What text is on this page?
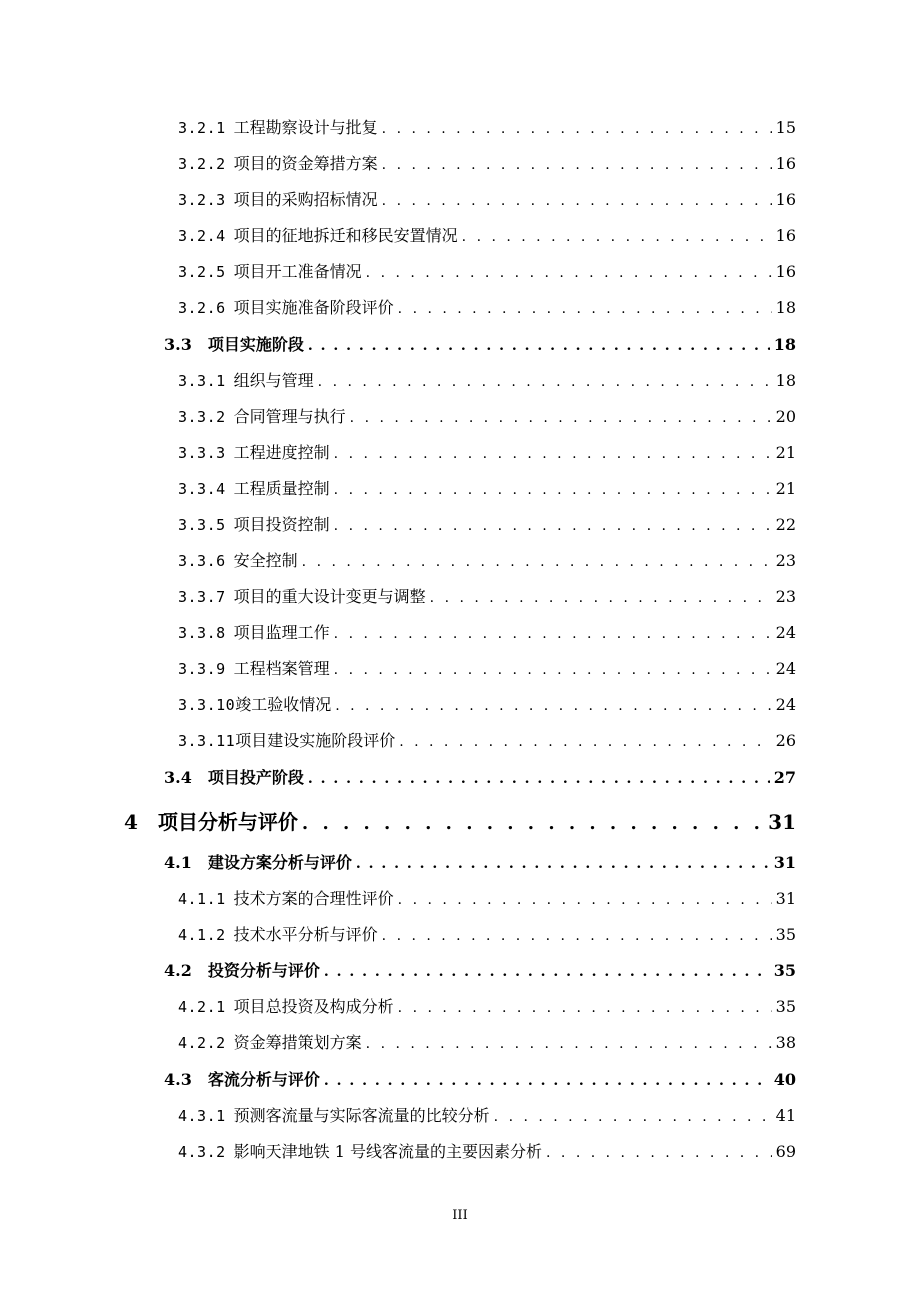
3.2.1 工程勘察设计与批复 . . .	15
3.2.2 项目的资金筹措方案 . . .	16
3.2.3 项目的采购招标情况 . . .	16
3.2.4 项目的征地拆迁和移民安置情况 . . .	16
3.2.5 项目开工准备情况 . . .	16
3.2.6 项目实施准备阶段评价 . . .	18
3.3 项目实施阶段 . . .	18
3.3.1 组织与管理 . . .	18
3.3.2 合同管理与执行 . . .	20
3.3.3 工程进度控制 . . .	21
3.3.4 工程质量控制 . . .	21
3.3.5 项目投资控制 . . .	22
3.3.6 安全控制 . . .	23
3.3.7 项目的重大设计变更与调整 . . .	23
3.3.8 项目监理工作 . . .	24
3.3.9 工程档案管理 . . .	24
3.3.10 竣工验收情况 . . .	24
3.3.11 项目建设实施阶段评价 . . .	26
3.4 项目投产阶段 . . .	27
4 项目分析与评价 . . .	31
4.1 建设方案分析与评价 . . .	31
4.1.1 技术方案的合理性评价 . . .	31
4.1.2 技术水平分析与评价 . . .	35
4.2 投资分析与评价 . . .	35
4.2.1 项目总投资及构成分析 . . .	35
4.2.2 资金筹措策划方案 . . .	38
4.3 客流分析与评价 . . .	40
4.3.1 预测客流量与实际客流量的比较分析 . . .	41
4.3.2 影响天津地铁 1 号线客流量的主要因素分析 . . .	69
III
